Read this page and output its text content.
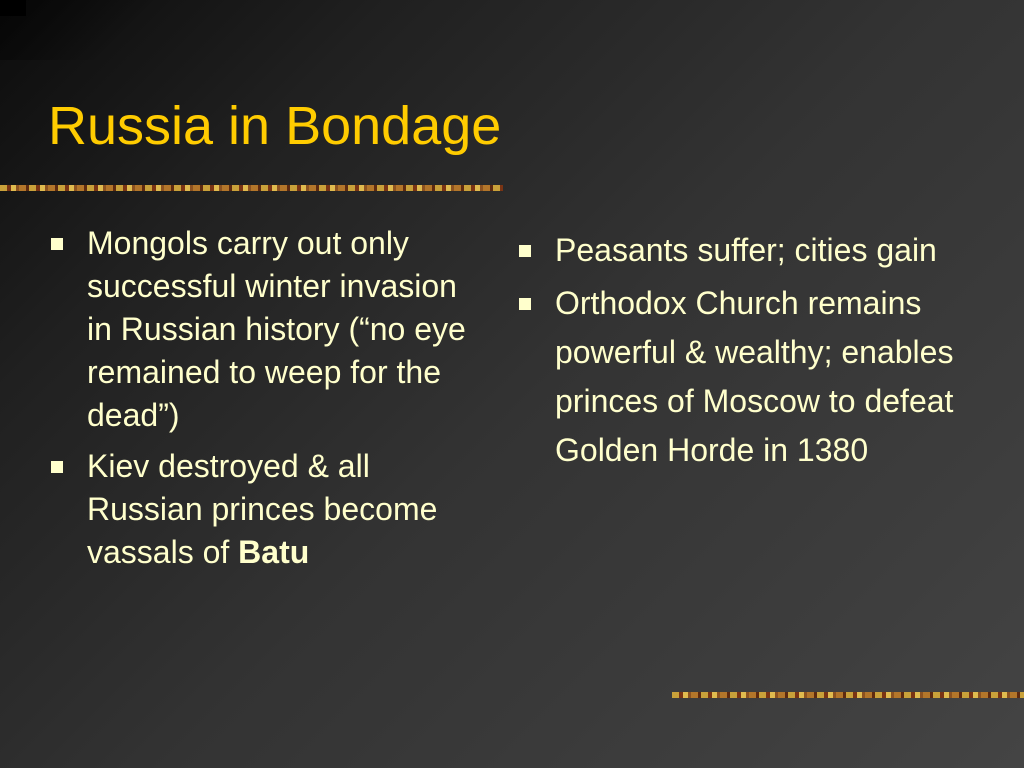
Russia in Bondage
Mongols carry out only successful winter invasion in Russian history (“no eye remained to weep for the dead”)
Kiev destroyed & all Russian princes become vassals of Batu
Peasants suffer; cities gain
Orthodox Church remains powerful & wealthy; enables princes of Moscow to defeat Golden Horde in 1380
